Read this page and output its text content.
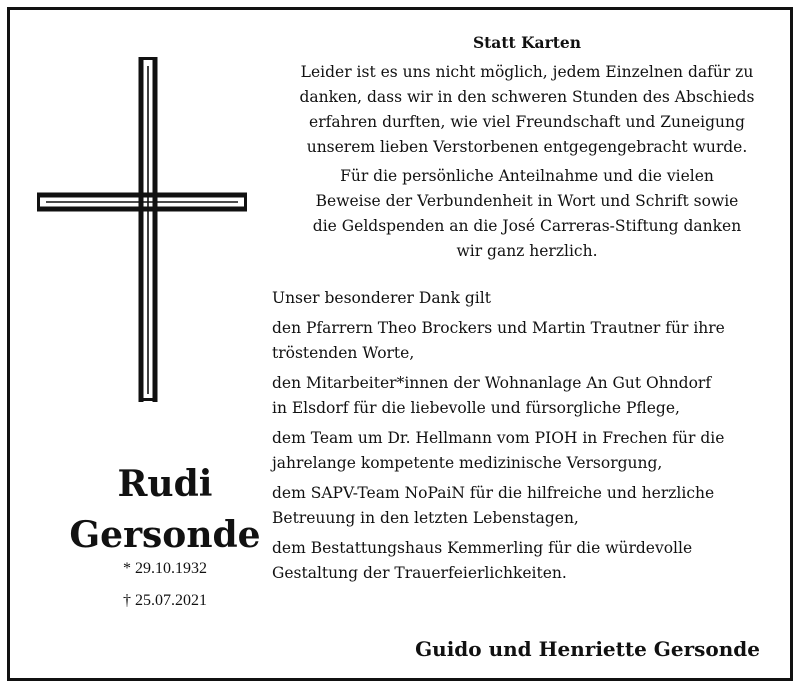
Rudi
Gersonde
* 29.10.1932
† 25.07.2021
Statt Karten
Leider ist es uns nicht möglich, jedem Einzelnen dafür zu
danken, dass wir in den schweren Stunden des Abschieds
erfahren durften, wie viel Freundschaft und Zuneigung
unserem lieben Verstorbenen entgegengebracht wurde.
Für die persönliche Anteilnahme und die vielen
Beweise der Verbundenheit in Wort und Schrift sowie
die Geldspenden an die José Carreras-Stiftung danken
wir ganz herzlich.
Unser besonderer Dank gilt
den Pfarrern Theo Brockers und Martin Trautner für ihre
tröstenden Worte,
den Mitarbeiter*innen der Wohnanlage An Gut Ohndorf
in Elsdorf für die liebevolle und fürsorgliche Pflege,
dem Team um Dr. Hellmann vom PIOH in Frechen für die
jahrelange kompetente medizinische Versorgung,
dem SAPV-Team NoPaiN für die hilfreiche und herzliche
Betreuung in den letzten Lebenstagen,
dem Bestattungshaus Kemmerling für die würdevolle
Gestaltung der Trauerfeierlichkeiten.
Guido und Henriette Gersonde
